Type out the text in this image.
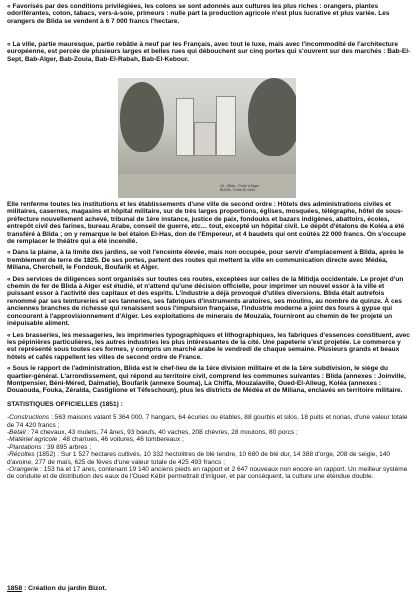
« Favorisés par des conditions privilégiées, les colons se sont adonnés aux cultures les plus riches : orangers, plantes odoriférantes, coton, tabacs, vers-à-soie, primeurs : nulle part la production agricole n'est plus lucrative et plus variée. Les orangers de Blida se vendent à 6 7 000 francs l'hectare.

« La ville, partie mauresque, partie rebâtie à neuf par les Français, avec tout le luxe, mais avec l'incommodité de l'architecture européenne, est percée de plusieurs larges et belles rues qui débouchent sur cinq portes qui s'ouvrent sur des marchés : Bab-El-Sept, Bab-Alger, Bab-Zouia, Bab-El-Rabah, Bab-El-Kebour.

43 - Blida - Porte d'Alger
BLIDA - Porte El-Sebt

Elle renferme toutes les institutions et les établissements d'une ville de second ordre : Hôtels des administrations civiles et militaires, casernes, magasins et hôpital militaire, sur de très larges proportions, églises, mosquées, télégraphe, hôtel de sous-préfecture nouvellement achevé, tribunal de 1ère instance, justice de paix, fondouks et bazars indigènes, abattoirs, écoles, entrepôt civil des farines, bureau Arabe, conseil de guerre, etc… tout, excepté un hôpital civil. Le dépôt d'étalons de Koléa a été transféré à Blida ; on y remarque le bel étalon El-Has, don de l'Empereur, et 4 baudets qui ont coûtés 22 000 francs. On s'occupe de remplacer le théâtre qui a été incendié.

« Dans la plaine, à la limite des jardins, se voit l'enceinte élevée, mais non occupée, pour servir d'emplacement à Blida, après le tremblement de terre de 1825. De ses portes, partent des routes qui mettent la ville en communication directe avec Médéa, Miliana, Cherchell, le Fondouk, Boufarik et Alger.

« Des services de diligences sont organisés sur toutes ces routes, exceptées sur celles de la Mitidja occidentale. Le projet d'un chemin de fer de Blida à Alger est étudié, et n'attend qu'une décision officielle, pour imprimer un nouvel essor à la ville et puissant essor à l'activité des capitaux et des esprits. L'industrie a déjà provoqué d'utiles diversions. Blida était autrefois renommé par ses teintureries et ses tanneries, ses fabriques d'instruments aratoires, ses moulins, au nombre de quinze. À ces anciennes branches de richesse qui renaissent sous l'impulsion française, l'industrie moderne a joint des fours à gypse qui concourent à l'approvisionnement d'Alger. Les exploitations de minerais de Mouzaïa, fourniront au chemin de fer projeté un inépuisable aliment.

« Les brasseries, les messageries, les imprimeries typographiques et lithographiques, les fabriques d'essences constituent, avec les pépinières particulières, les autres industries les plus intéressantes de la cité. Une papeterie s'est projetée. Le commerce y est représenté sous toutes ces formes, y compris un marché arabe le vendredi de chaque semaine. Plusieurs grands et beaux hôtels et cafés rappellent les villes de second ordre de France.

« Sous le rapport de l'administration, Blida est le chef-lieu de la 1ère division militaire et de la 1ère subdivision, le siège du quartier-général. L'arrondissement, qui répond au territoire civil, comprend les communes suivantes : Blida (annexes : Joinville, Montpensier, Béni-Méred, Dalmatie), Boufarik (annexe Souma), La Chiffa, Mouzaïaville, Oued-El-Alleug, Koléa (annexes : Douaouda, Fouka, Zéralda, Castiglione et Téfeschoun), plus les districts de Médéa et de Miliana, enclavés en territoire militaire.

STATISTIQUES OFFICIELLES (1851) :

-Constructions : 563 maisons valant 5 364 000, 7 hangars, 64 écuries ou étables, 88 gourbis et silos, 18 puits et norias, d'une valeur totale de 74 420 francs ;

-Bétail : 74 chevaux, 43 mulets, 74 ânes, 93 bœufs, 40 vaches, 208 chèvres, 28 moutons, 80 porcs ;

-Matériel agricole : 48 charrues, 46 voitures, 46 tombereaux ;

-Plantations : 39 895 arbres ;

-Récoltes (1852) : Sur 1 527 hectares cultivés, 10 332 hectolitres de blé tendre, 10 680 de blé dur, 14 388 d'orge, 208 de seigle, 140 d'avoine, 277 de maïs, 625 de fèves d'une valeur totale de 425 493 francs ;

-Orangerie : 153 ha et 17 ares, contenant 19 140 anciens pieds en rapport et 2 647 nouveaux non encore en rapport. Un meilleur système de conduite et de distribution des eaux de l'Oued Kébir permettrait d'irriguer, et par conséquent, la culture une étendue double.

1858 : Création du jardin Bizot.
